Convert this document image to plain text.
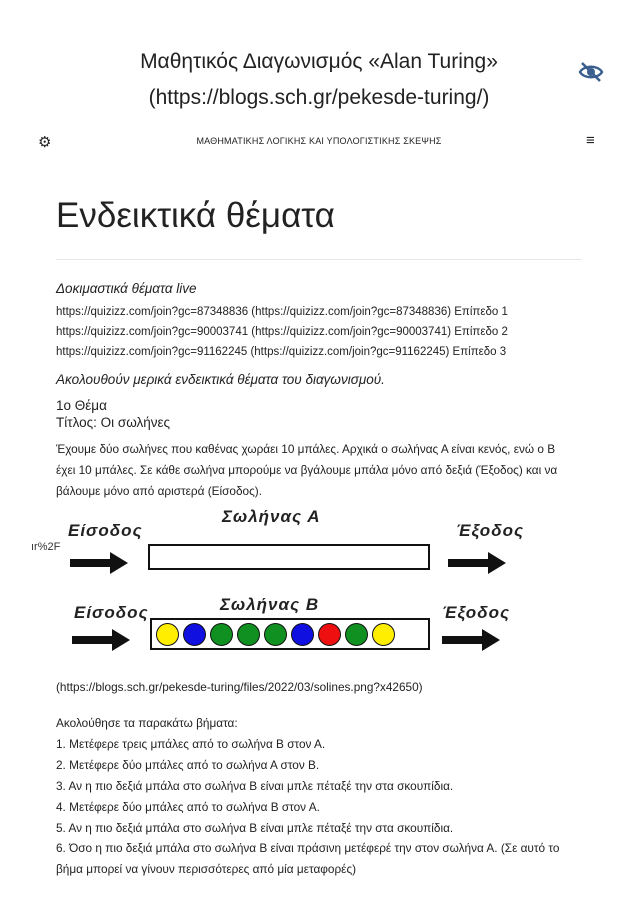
Μαθητικός Διαγωνισμός «Alan Turing»
(https://blogs.sch.gr/pekesde-turing/)
⚙	ΜΑΘΗΜΑΤΙΚΗΣ ΛΟΓΙΚΗΣ ΚΑΙ ΥΠΟΛΟΓΙΣΤΙΚΗΣ ΣΚΕΨΗΣ	≡
Ενδεικτικά θέματα
Δοκιμαστικά θέματα live
https://quizizz.com/join?gc=87348836 (https://quizizz.com/join?gc=87348836) Επίπεδο 1
https://quizizz.com/join?gc=90003741 (https://quizizz.com/join?gc=90003741) Επίπεδο 2
https://quizizz.com/join?gc=91162245 (https://quizizz.com/join?gc=91162245) Επίπεδο 3
Ακολουθούν μερικά ενδεικτικά θέματα του διαγωνισμού.
1ο Θέμα
Τίτλος: Οι σωλήνες
Έχουμε δύο σωλήνες που καθένας χωράει 10 μπάλες. Αρχικά ο σωλήνας Α είναι κενός, ενώ ο Β έχει 10 μπάλες. Σε κάθε σωλήνα μπορούμε να βγάλουμε μπάλα μόνο από δεξιά (Έξοδος) και να βάλουμε μόνο από αριστερά (Είσοδος).
ır%2F
Είσοδος
Σωλήνας Α
Έξοδος
Είσοδος	Σωλήνας Β	Έξοδος
(https://blogs.sch.gr/pekesde-turing/files/2022/03/solines.png?x42650)
Ακολούθησε τα παρακάτω βήματα:
1. Μετέφερε τρεις μπάλες από το σωλήνα Β στον Α.
2. Μετέφερε δύο μπάλες από το σωλήνα Α στον Β.
3. Αν η πιο δεξιά μπάλα στο σωλήνα Β είναι μπλε πέταξέ την στα σκουπίδια.
4. Μετέφερε δύο μπάλες από το σωλήνα Β στον Α.
5. Αν η πιο δεξιά μπάλα στο σωλήνα Β είναι μπλε πέταξέ την στα σκουπίδια.
6. Όσο η πιο δεξιά μπάλα στο σωλήνα Β είναι πράσινη μετέφερέ την στον σωλήνα Α. (Σε αυτό το βήμα μπορεί να γίνουν περισσότερες από μία μεταφορές)
